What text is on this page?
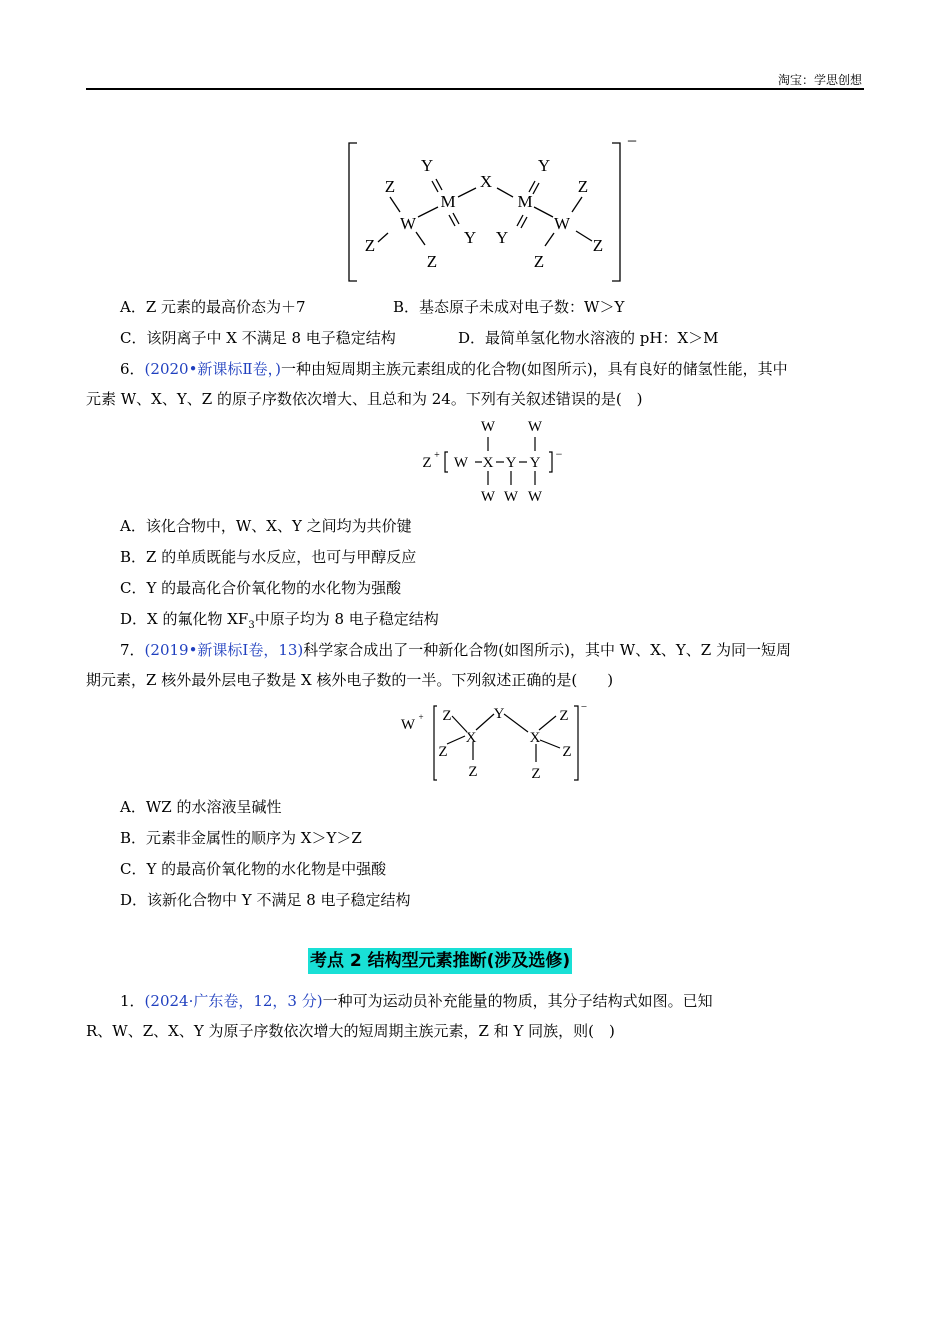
淘宝：学思创想
Y
Z
M
W
Z
Z
Y
X
Y
M
Z
W
Y	Z
Z
−
A．Z 元素的最高价态为＋7	B．基态原子未成对电子数：W＞Y
C．该阴离子中 X 不满足 8 电子稳定结构	D．最简单氢化物水溶液的 pH：X＞M
6．(2020•新课标Ⅱ卷，)一种由短周期主族元素组成的化合物(如图所示)，具有良好的储氢性能，其中
元素 W、X、Y、Z 的原子序数依次增大、且总和为 24。下列有关叙述错误的是(　)
W W
Z + W X Y Y
−
W W W
A．该化合物中，W、X、Y 之间均为共价键
B．Z 的单质既能与水反应，也可与甲醇反应
C．Y 的最高化合价氧化物的水化物为强酸
D．X 的氟化物 $XF_3$中原子均为 8 电子稳定结构
7．(2019•新课标Ⅰ卷，13)科学家合成出了一种新化合物(如图所示)，其中 W、X、Y、Z 为同一短周
期元素，Z 核外最外层电子数是 X 核外电子数的一半。下列叙述正确的是(　　)
W + Z	Y	Z
−
X	X
Z	Z
Z	Z
A．WZ 的水溶液呈碱性
B．元素非金属性的顺序为 X＞Y＞Z
C．Y 的最高价氧化物的水化物是中强酸
D．该新化合物中 Y 不满足 8 电子稳定结构
考点 2 结构型元素推断(涉及选修)
1．(2024·广东卷，12，3 分)一种可为运动员补充能量的物质，其分子结构式如图。已知
R、W、Z、X、Y 为原子序数依次增大的短周期主族元素，Z 和 Y 同族，则(　)
